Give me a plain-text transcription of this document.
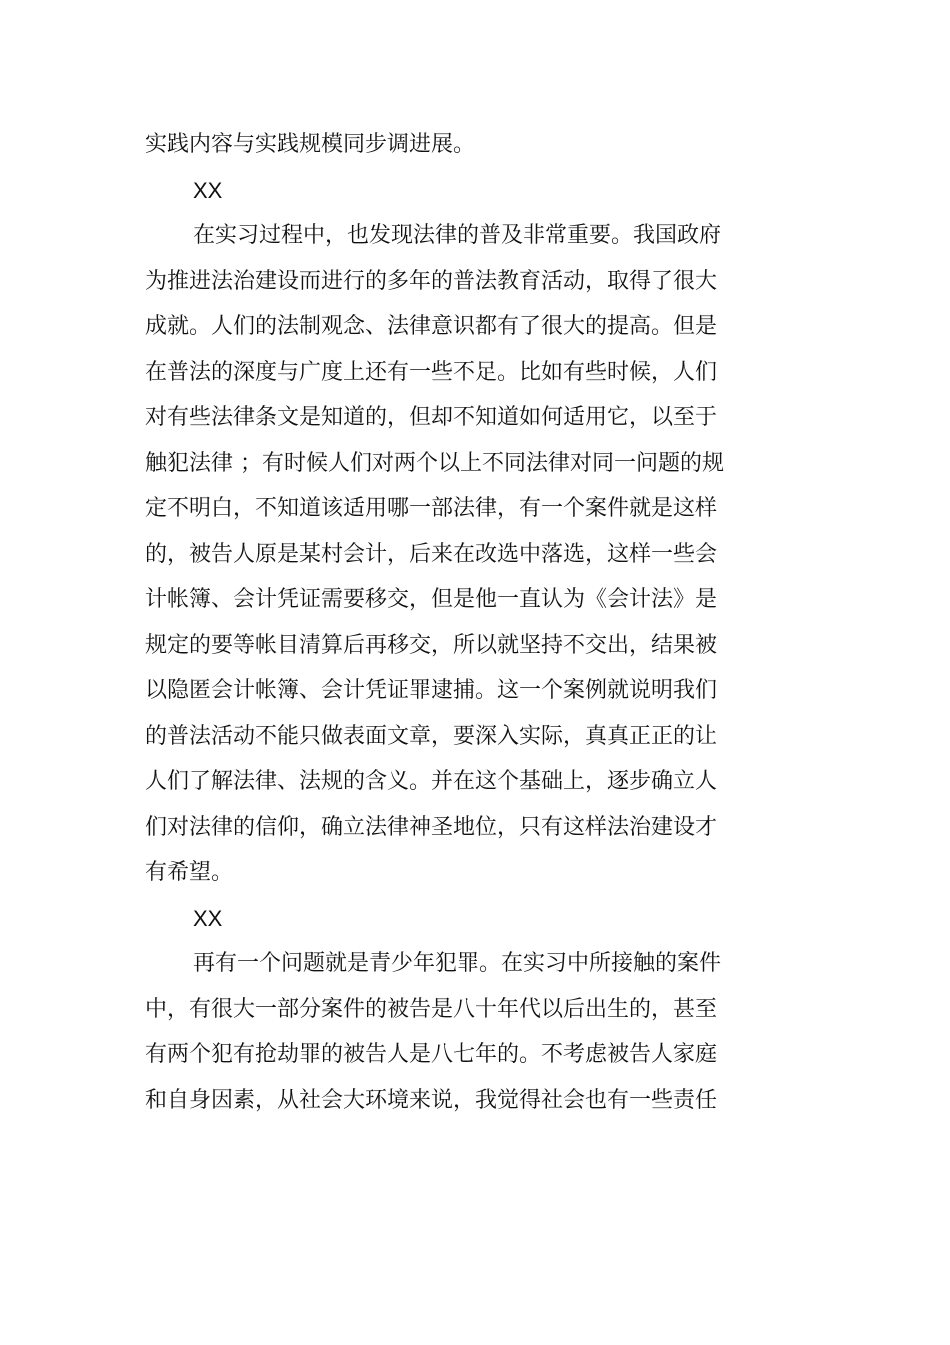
实践内容与实践规模同步调进展。
XX
在实习过程中，也发现法律的普及非常重要。我国政府
为推进法治建设而进行的多年的普法教育活动，取得了很大
成就。人们的法制观念、法律意识都有了很大的提高。但是
在普法的深度与广度上还有一些不足。比如有些时候，人们
对有些法律条文是知道的，但却不知道如何适用它，以至于
触犯法律 ；有时候人们对两个以上不同法律对同一问题的规
定不明白，不知道该适用哪一部法律，有一个案件就是这样
的，被告人原是某村会计，后来在改选中落选，这样一些会
计帐簿、会计凭证需要移交，但是他一直认为《会计法》是
规定的要等帐目清算后再移交，所以就坚持不交出，结果被
以隐匿会计帐簿、会计凭证罪逮捕。这一个案例就说明我们
的普法活动不能只做表面文章，要深入实际，真真正正的让
人们了解法律、法规的含义。并在这个基础上，逐步确立人
们对法律的信仰，确立法律神圣地位，只有这样法治建设才
有希望。
XX
再有一个问题就是青少年犯罪。在实习中所接触的案件
中，有很大一部分案件的被告是八十年代以后出生的，甚至
有两个犯有抢劫罪的被告人是八七年的。不考虑被告人家庭
和自身因素，从社会大环境来说，我觉得社会也有一些责任
